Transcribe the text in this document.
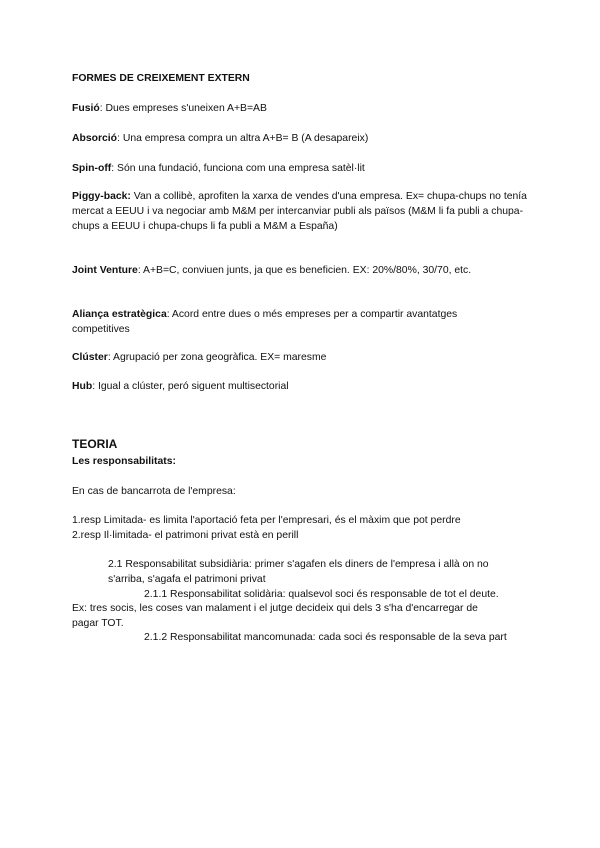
FORMES DE CREIXEMENT EXTERN

Fusió: Dues empreses s'uneixen A+B=AB

Absorció: Una empresa compra un altra A+B= B (A desapareix)

Spin-off: Són una fundació, funciona com una empresa satèl·lit

Piggy-back: Van a collibè, aprofiten la xarxa de vendes d'una empresa. Ex= chupa-chups no tenía mercat a EEUU i va negociar amb M&M per intercanviar publi als països (M&M li fa publi a chupa-chups a EEUU i chupa-chups li fa publi a M&M a España)

Joint Venture: A+B=C, conviuen junts, ja que es beneficien. EX: 20%/80%, 30/70, etc.

Aliança estratègica: Acord entre dues o més empreses per a compartir avantatges competitives

Clúster: Agrupació per zona geogràfica. EX= maresme

Hub: Igual a clúster, peró siguent multisectorial

TEORIA

Les responsabilitats:

En cas de bancarrota de l'empresa:

1.resp Limitada- es limita l'aportació feta per l'empresari, és el màxim que pot perdre

2.resp Il·limitada- el patrimoni privat està en perill

2.1 Responsabilitat subsidiària: primer s'agafen els diners de l'empresa i allà on no s'arriba, s'agafa el patrimoni privat

2.1.1 Responsabilitat solidària: qualsevol soci és responsable de tot el deute.

Ex: tres socis, les coses van malament i el jutge decideix qui dels 3 s'ha d'encarregar de pagar TOT.

2.1.2 Responsabilitat mancomunada: cada soci és responsable de la seva part
